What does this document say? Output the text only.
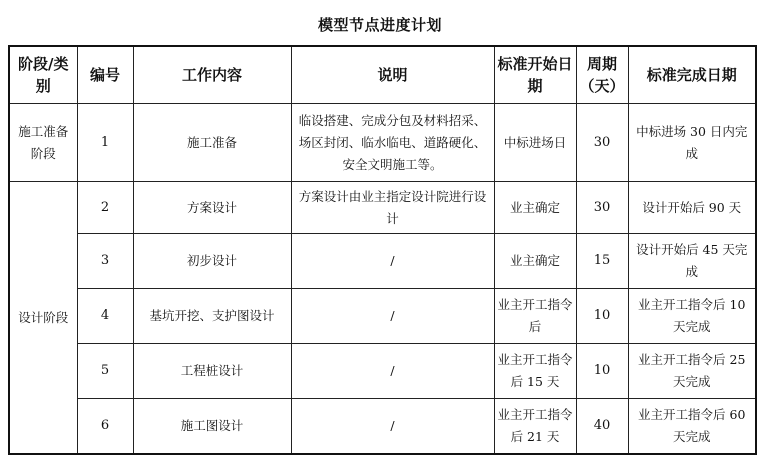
模型节点进度计划
阶段/类别	编号	工作内容	说明	标准开始日期	周期（天）	标准完成日期
施工准备阶段	1	施工准备	临设搭建、完成分包及材料招采、场区封闭、临水临电、道路硬化、安全文明施工等。	中标进场日	30	中标进场 30 日内完成
设计阶段	2	方案设计	方案设计由业主指定设计院进行设计	业主确定	30	设计开始后 90 天
	3	初步设计	/	业主确定	15	设计开始后 45 天完成
	4	基坑开挖、支护图设计	/	业主开工指令后	10	业主开工指令后 10 天完成
	5	工程桩设计	/	业主开工指令后 15 天	10	业主开工指令后 25 天完成
	6	施工图设计	/	业主开工指令后 21 天	40	业主开工指令后 60 天完成
